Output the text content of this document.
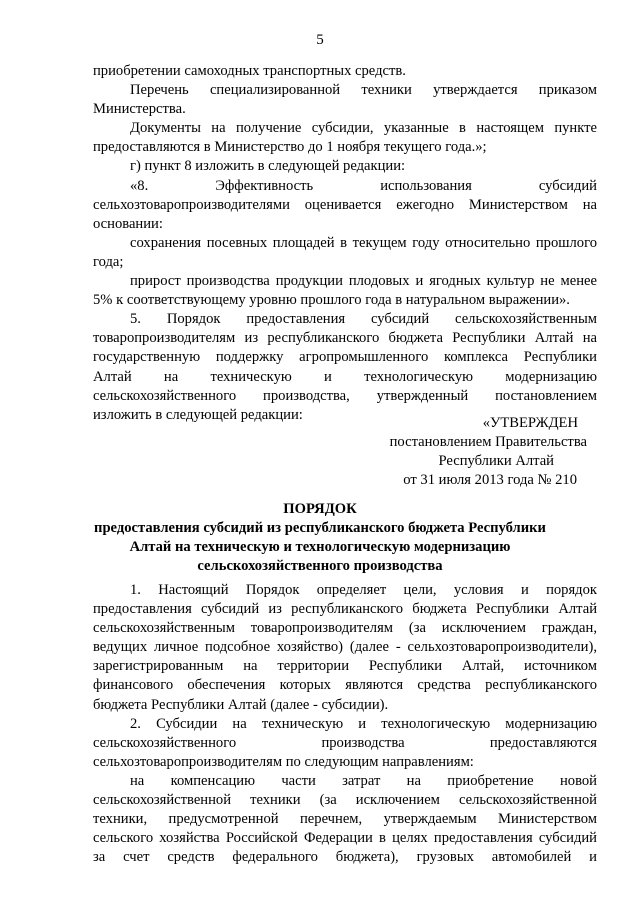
5
приобретении самоходных транспортных средств.
Перечень специализированной техники утверждается приказом
Министерства.
Документы на получение субсидии, указанные в настоящем пункте
предоставляются в Министерство до 1 ноября текущего года.»;
г) пункт 8 изложить в следующей редакции:
«8. Эффективность использования субсидий
сельхозтоваропроизводителями оценивается ежегодно Министерством на
основании:
сохранения посевных площадей в текущем году относительно прошлого
года;
прирост производства продукции плодовых и ягодных культур не менее
5% к соответствующему уровню прошлого года в натуральном выражении».
5. Порядок предоставления субсидий сельскохозяйственным
товаропроизводителям из республиканского бюджета Республики Алтай на
государственную поддержку агропромышленного комплекса Республики
Алтай на техническую и технологическую модернизацию
сельскохозяйственного производства, утвержденный постановлением
изложить в следующей редакции:
«УТВЕРЖДЕН
постановлением Правительства
Республики Алтай
от 31 июля 2013 года № 210
ПОРЯДОК
предоставления субсидий из республиканского бюджета Республики
Алтай на техническую и технологическую модернизацию
сельскохозяйственного производства
1. Настоящий Порядок определяет цели, условия и порядок
предоставления субсидий из республиканского бюджета Республики Алтай
сельскохозяйственным товаропроизводителям (за исключением граждан,
ведущих личное подсобное хозяйство) (далее - сельхозтоваропроизводители),
зарегистрированным на территории Республики Алтай, источником
финансового обеспечения которых являются средства республиканского
бюджета Республики Алтай (далее - субсидии).
2. Субсидии на техническую и технологическую модернизацию
сельскохозяйственного производства предоставляются
сельхозтоваропроизводителям по следующим направлениям:
на компенсацию части затрат на приобретение новой
сельскохозяйственной техники (за исключением сельскохозяйственной
техники, предусмотренной перечнем, утверждаемым Министерством
сельского хозяйства Российской Федерации в целях предоставления субсидий
за счет средств федерального бюджета), грузовых автомобилей и
